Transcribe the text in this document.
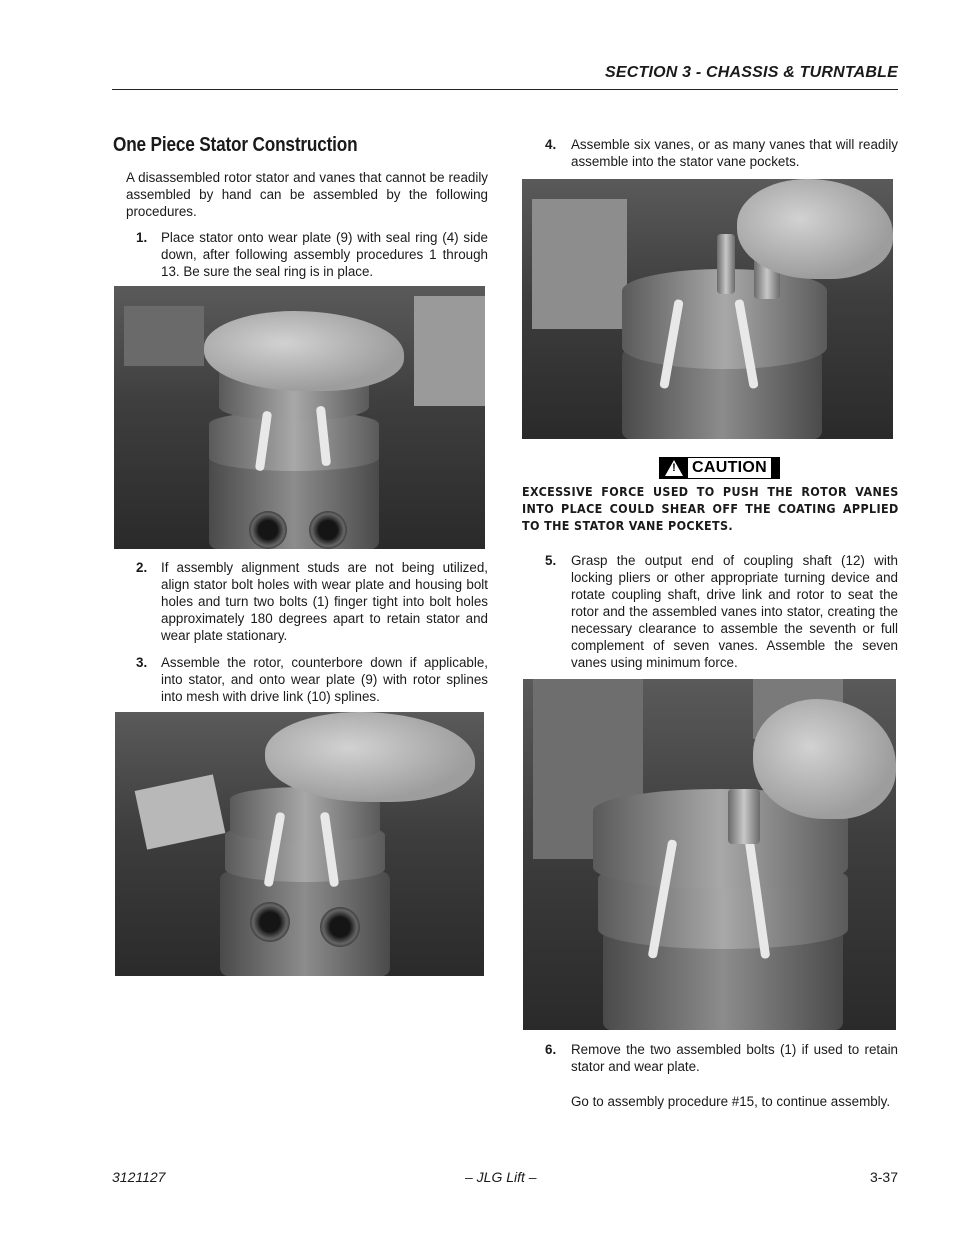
SECTION 3 - CHASSIS & TURNTABLE
One Piece Stator Construction
A disassembled rotor stator and vanes that cannot be readily assembled by hand can be assembled by the following procedures.
1. Place stator onto wear plate (9) with seal ring (4) side down, after following assembly procedures 1 through 13. Be sure the seal ring is in place.
2. If assembly alignment studs are not being utilized, align stator bolt holes with wear plate and housing bolt holes and turn two bolts (1) finger tight into bolt holes approximately 180 degrees apart to retain stator and wear plate stationary.
3. Assemble the rotor, counterbore down if applicable, into stator, and onto wear plate (9) with rotor splines into mesh with drive link (10) splines.
4. Assemble six vanes, or as many vanes that will readily assemble into the stator vane pockets.
! CAUTION
EXCESSIVE FORCE USED TO PUSH THE ROTOR VANES INTO PLACE COULD SHEAR OFF THE COATING APPLIED TO THE STATOR VANE POCKETS.
5. Grasp the output end of coupling shaft (12) with locking pliers or other appropriate turning device and rotate coupling shaft, drive link and rotor to seat the rotor and the assembled vanes into stator, creating the necessary clearance to assemble the seventh or full complement of seven vanes. Assemble the seven vanes using minimum force.
6. Remove the two assembled bolts (1) if used to retain stator and wear plate.
Go to assembly procedure #15, to continue assembly.
3121127	– JLG Lift –	3-37
